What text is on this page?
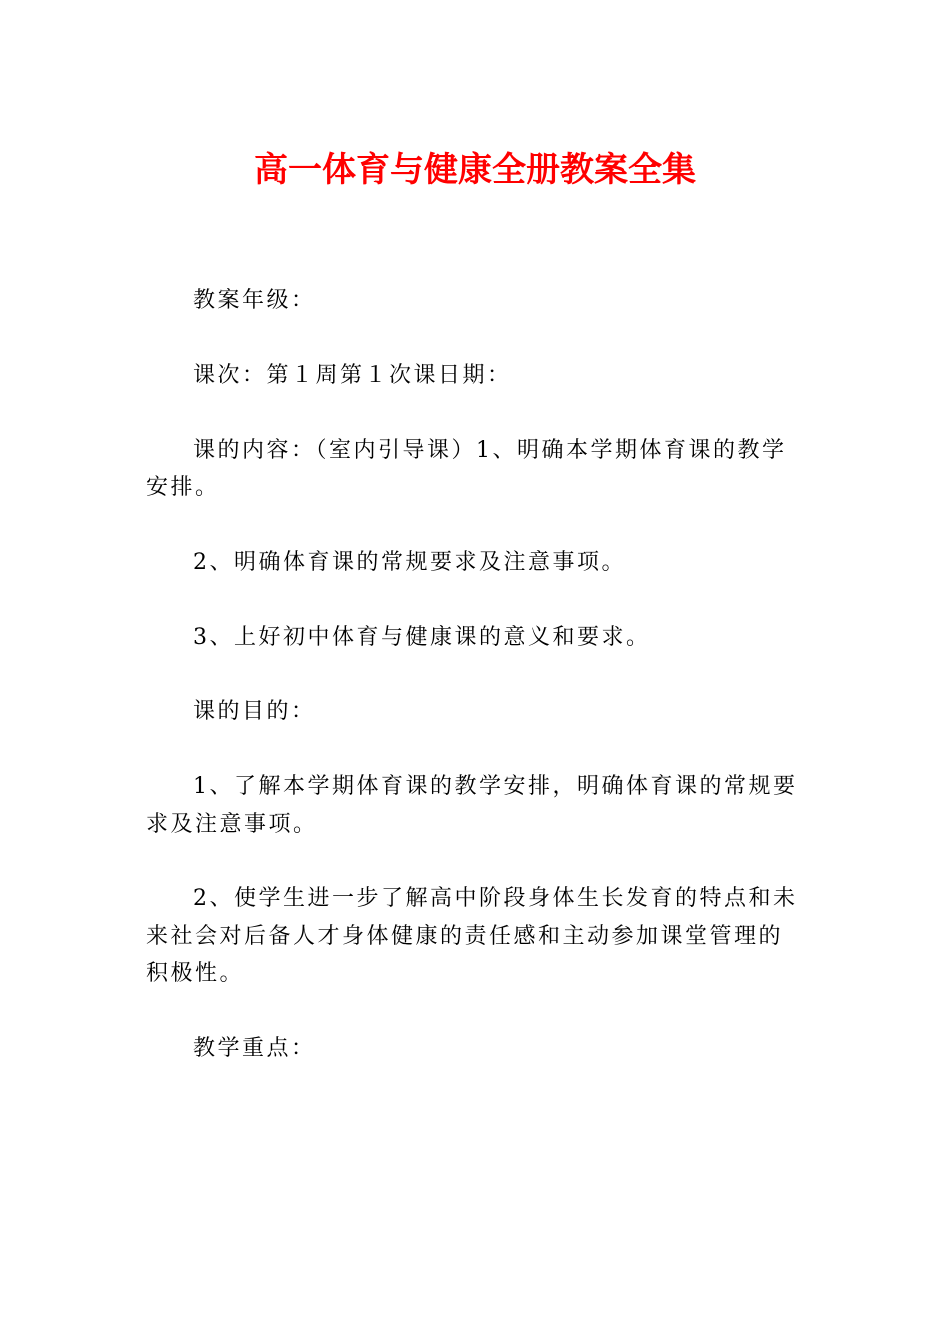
高一体育与健康全册教案全集

教案年级：

课次：第１周第１次课日期：

课的内容：（室内引导课）1、明确本学期体育课的教学安排。

2、明确体育课的常规要求及注意事项。

3、上好初中体育与健康课的意义和要求。

课的目的：

1、了解本学期体育课的教学安排，明确体育课的常规要求及注意事项。

2、使学生进一步了解高中阶段身体生长发育的特点和未来社会对后备人才身体健康的责任感和主动参加课堂管理的积极性。

教学重点：
